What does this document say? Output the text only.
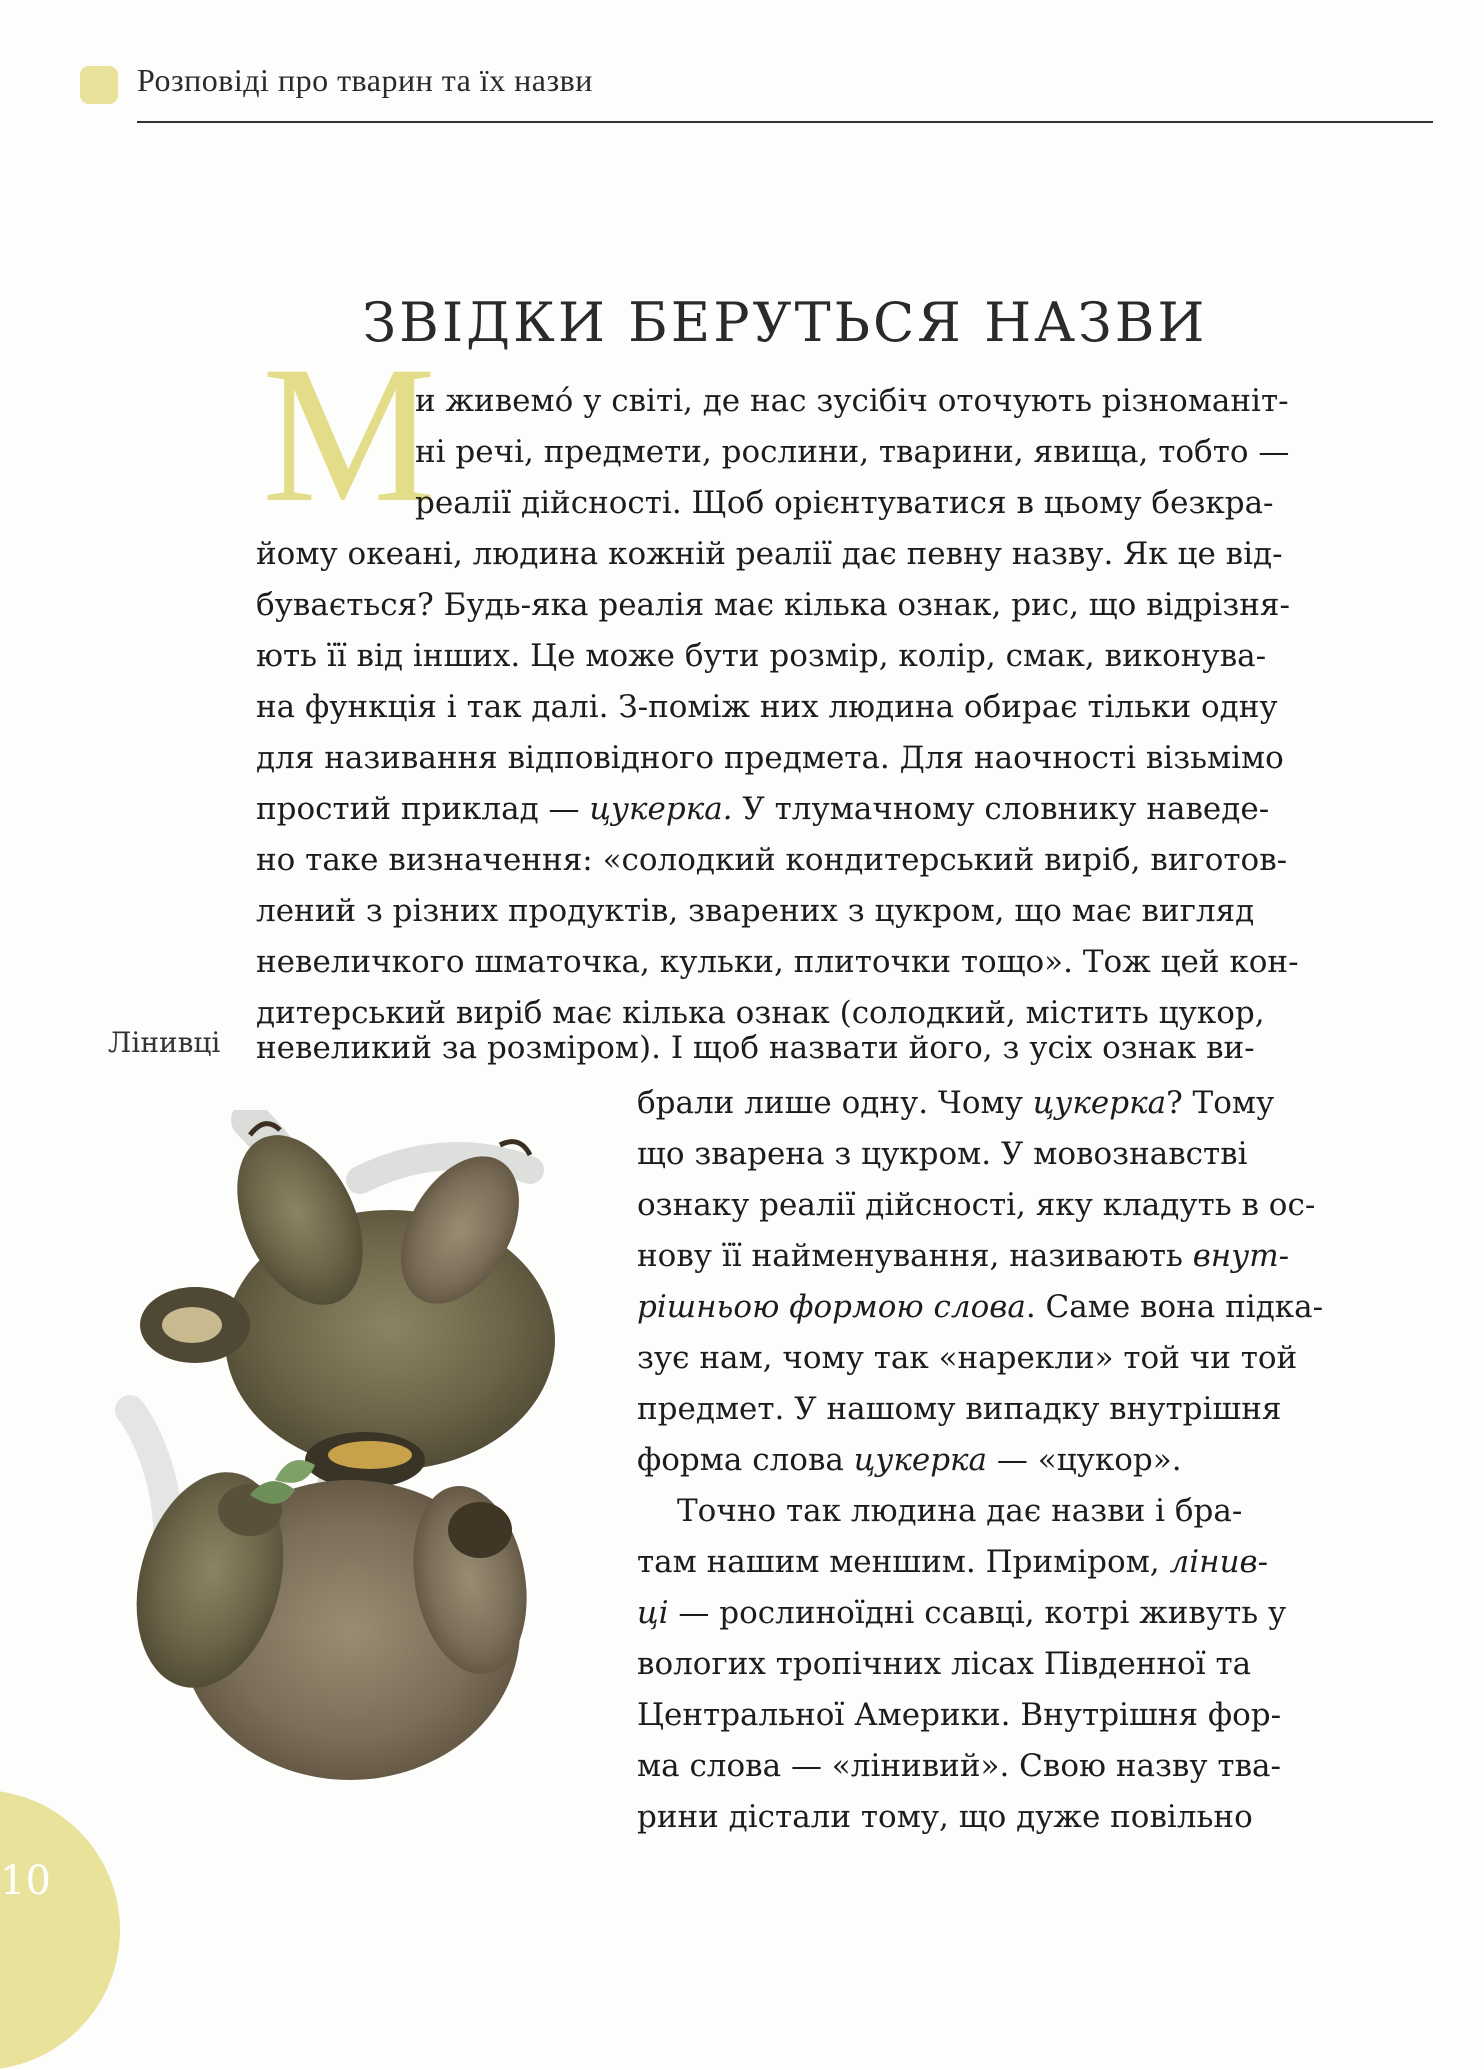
Розповіді про тварин та їх назви
ЗВІДКИ БЕРУТЬСЯ НАЗВИ
М
и живемó у світі, де нас зусібіч оточують різноманіт-
ні речі, предмети, рослини, тварини, явища, тобто —
реалії дійсності. Щоб орієнтуватися в цьому безкра-
йому океані, людина кожній реалії дає певну назву. Як це від-
бувається? Будь-яка реалія має кілька ознак, рис, що відрізня-
ють її від інших. Це може бути розмір, колір, смак, виконува-
на функція і так далі. З-поміж них людина обирає тільки одну
для називання відповідного предмета. Для наочності візьмімо
простий приклад — цукерка. У тлумачному словнику наведе-
но таке визначення: «солодкий кондитерський виріб, виготов-
лений з різних продуктів, зварених з цукром, що має вигляд
невеличкого шматочка, кульки, плиточки тощо». Тож цей кон-
дитерський виріб має кілька ознак (солодкий, містить цукор,
невеликий за розміром). І щоб назвати його, з усіх ознак ви-
брали лише одну. Чому цукерка? Тому
що зварена з цукром. У мовознавстві
ознаку реалії дійсності, яку кладуть в ос-
нову її найменування, називають внут-
рішньою формою слова. Саме вона підка-
зує нам, чому так «нарекли» той чи той
предмет. У нашому випадку внутрішня
форма слова цукерка — «цукор».
Точно так людина дає назви і бра-
там нашим меншим. Приміром, лінив-
ці — рослиноїдні ссавці, котрі живуть у
вологих тропічних лісах Південної та
Центральної Америки. Внутрішня фор-
ма слова — «лінивий». Свою назву тва-
рини дістали тому, що дуже повільно
Лінивці
10
